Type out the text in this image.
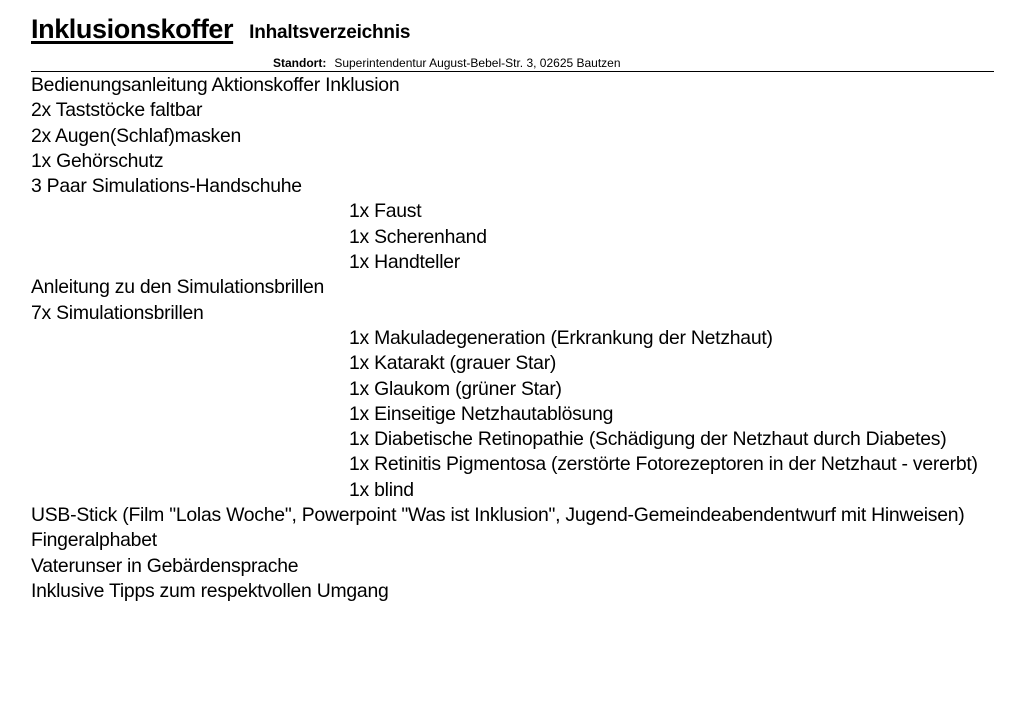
Inklusionskoffer Inhaltsverzeichnis
Standort: Superintendentur August-Bebel-Str. 3, 02625 Bautzen
Bedienungsanleitung Aktionskoffer Inklusion
2x Taststöcke faltbar
2x Augen(Schlaf)masken
1x Gehörschutz
3 Paar Simulations-Handschuhe
1x Faust
1x Scherenhand
1x Handteller
Anleitung zu den Simulationsbrillen
7x Simulationsbrillen
1x Makuladegeneration (Erkrankung der Netzhaut)
1x Katarakt (grauer Star)
1x Glaukom (grüner Star)
1x Einseitige Netzhautablösung
1x Diabetische Retinopathie (Schädigung der Netzhaut durch Diabetes)
1x Retinitis Pigmentosa (zerstörte Fotorezeptoren in der Netzhaut - vererbt)
1x blind
USB-Stick (Film "Lolas Woche", Powerpoint "Was ist Inklusion", Jugend-Gemeindeabendentwurf mit Hinweisen)
Fingeralphabet
Vaterunser in Gebärdensprache
Inklusive Tipps zum respektvollen Umgang
